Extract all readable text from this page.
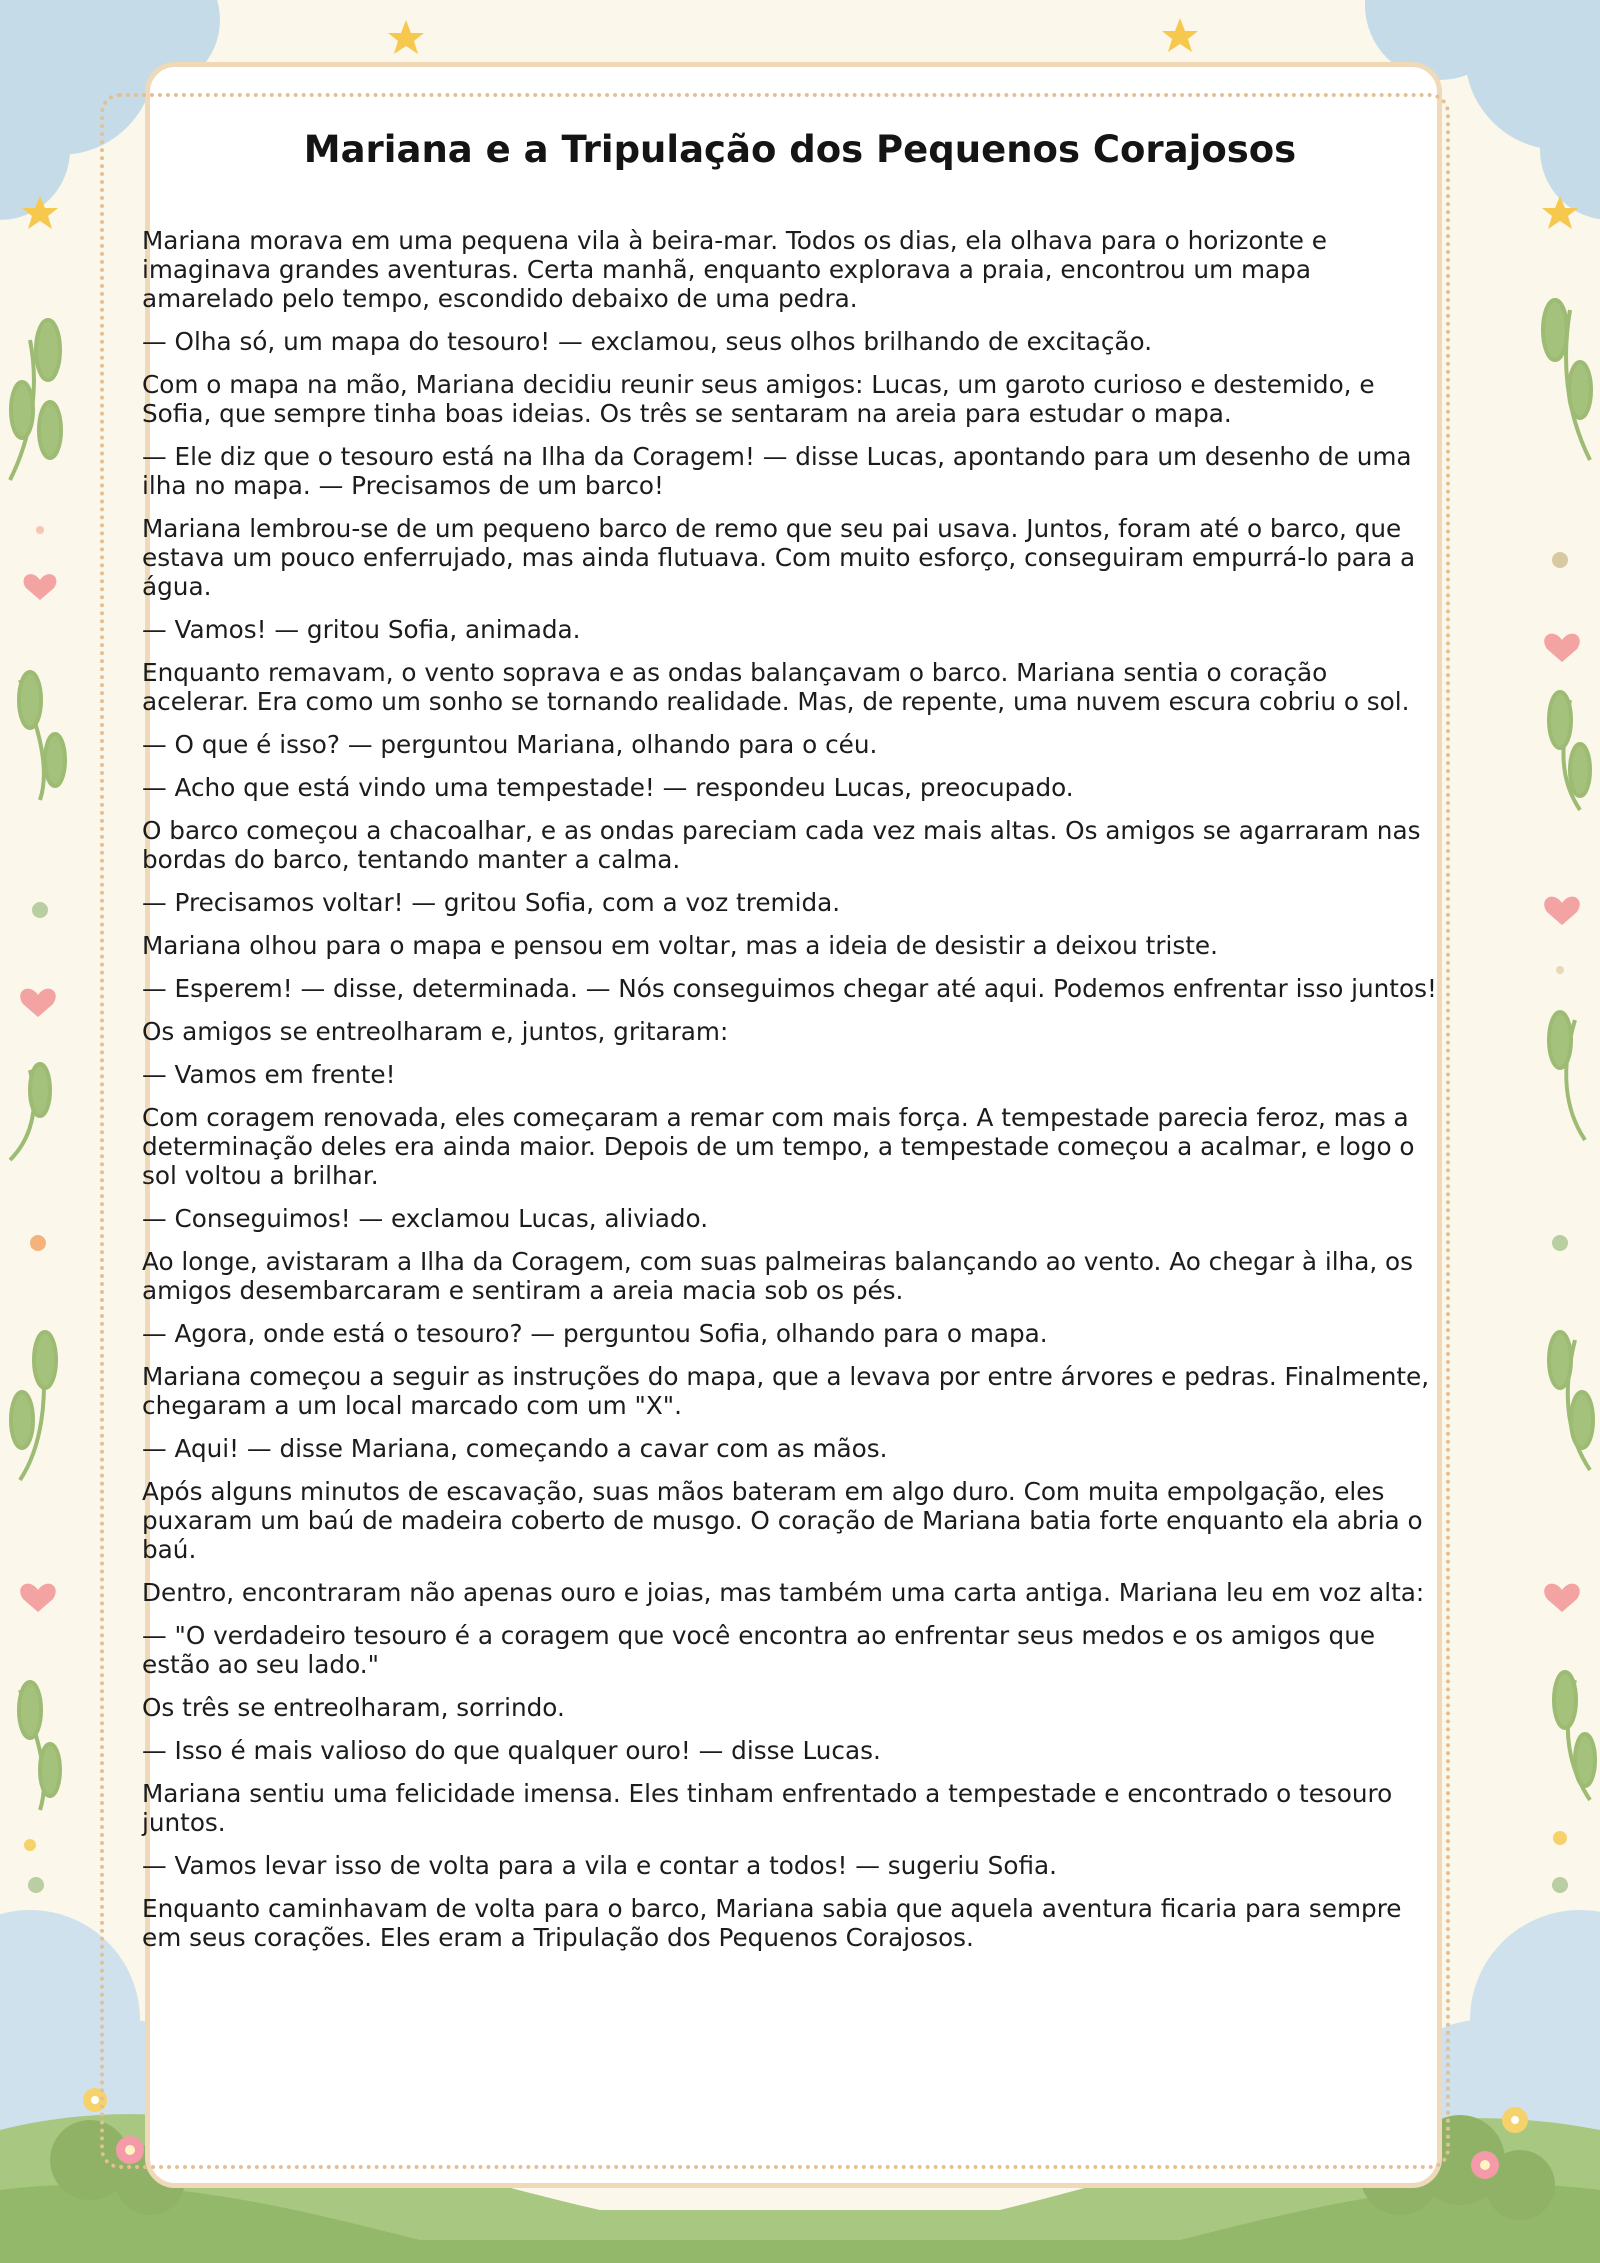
Mariana e a Tripulação dos Pequenos Corajosos

Mariana morava em uma pequena vila à beira-mar. Todos os dias, ela olhava para o horizonte e imaginava grandes aventuras. Certa manhã, enquanto explorava a praia, encontrou um mapa amarelado pelo tempo, escondido debaixo de uma pedra.

— Olha só, um mapa do tesouro! — exclamou, seus olhos brilhando de excitação.

Com o mapa na mão, Mariana decidiu reunir seus amigos: Lucas, um garoto curioso e destemido, e Sofia, que sempre tinha boas ideias. Os três se sentaram na areia para estudar o mapa.

— Ele diz que o tesouro está na Ilha da Coragem! — disse Lucas, apontando para um desenho de uma ilha no mapa. — Precisamos de um barco!

Mariana lembrou-se de um pequeno barco de remo que seu pai usava. Juntos, foram até o barco, que estava um pouco enferrujado, mas ainda flutuava. Com muito esforço, conseguiram empurrá-lo para a água.

— Vamos! — gritou Sofia, animada.

Enquanto remavam, o vento soprava e as ondas balançavam o barco. Mariana sentia o coração acelerar. Era como um sonho se tornando realidade. Mas, de repente, uma nuvem escura cobriu o sol.

— O que é isso? — perguntou Mariana, olhando para o céu.

— Acho que está vindo uma tempestade! — respondeu Lucas, preocupado.

O barco começou a chacoalhar, e as ondas pareciam cada vez mais altas. Os amigos se agarraram nas bordas do barco, tentando manter a calma.

— Precisamos voltar! — gritou Sofia, com a voz tremida.

Mariana olhou para o mapa e pensou em voltar, mas a ideia de desistir a deixou triste.

— Esperem! — disse, determinada. — Nós conseguimos chegar até aqui. Podemos enfrentar isso juntos!

Os amigos se entreolharam e, juntos, gritaram:

— Vamos em frente!

Com coragem renovada, eles começaram a remar com mais força. A tempestade parecia feroz, mas a determinação deles era ainda maior. Depois de um tempo, a tempestade começou a acalmar, e logo o sol voltou a brilhar.

— Conseguimos! — exclamou Lucas, aliviado.

Ao longe, avistaram a Ilha da Coragem, com suas palmeiras balançando ao vento. Ao chegar à ilha, os amigos desembarcaram e sentiram a areia macia sob os pés.

— Agora, onde está o tesouro? — perguntou Sofia, olhando para o mapa.

Mariana começou a seguir as instruções do mapa, que a levava por entre árvores e pedras. Finalmente, chegaram a um local marcado com um "X".

— Aqui! — disse Mariana, começando a cavar com as mãos.

Após alguns minutos de escavação, suas mãos bateram em algo duro. Com muita empolgação, eles puxaram um baú de madeira coberto de musgo. O coração de Mariana batia forte enquanto ela abria o baú.

Dentro, encontraram não apenas ouro e joias, mas também uma carta antiga. Mariana leu em voz alta:

— "O verdadeiro tesouro é a coragem que você encontra ao enfrentar seus medos e os amigos que estão ao seu lado."

Os três se entreolharam, sorrindo.

— Isso é mais valioso do que qualquer ouro! — disse Lucas.

Mariana sentiu uma felicidade imensa. Eles tinham enfrentado a tempestade e encontrado o tesouro juntos.

— Vamos levar isso de volta para a vila e contar a todos! — sugeriu Sofia.

Enquanto caminhavam de volta para o barco, Mariana sabia que aquela aventura ficaria para sempre em seus corações. Eles eram a Tripulação dos Pequenos Corajosos.
